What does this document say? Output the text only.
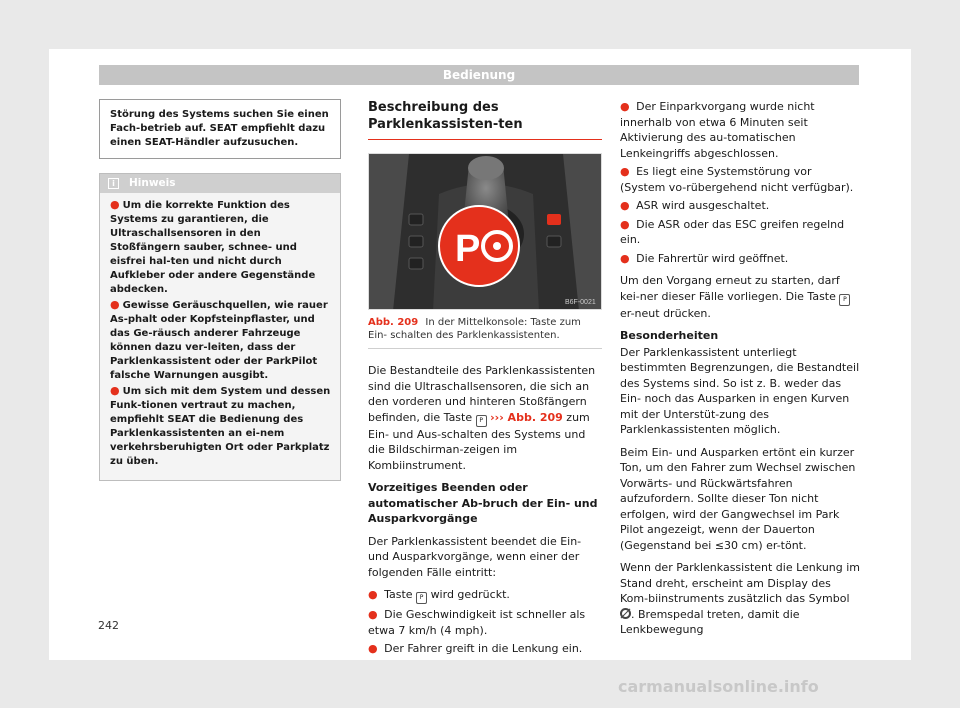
Bedienung
Störung des Systems suchen Sie einen Fach-betrieb auf. SEAT empfiehlt dazu einen SEAT-Händler aufzusuchen.
i	Hinweis

● Um die korrekte Funktion des Systems zu garantieren, die Ultraschallsensoren in den Stoßfängern sauber, schnee- und eisfrei hal-ten und nicht durch Aufkleber oder andere Gegenstände abdecken.

● Gewisse Geräuschquellen, wie rauer As-phalt oder Kopfsteinpflaster, und das Ge-räusch anderer Fahrzeuge können dazu ver-leiten, dass der Parklenkassistent oder der ParkPilot falsche Warnungen ausgibt.

● Um sich mit dem System und dessen Funk-tionen vertraut zu machen, empfiehlt SEAT die Bedienung des Parklenkassistenten an ei-nem verkehrsberuhigten Ort oder Parkplatz zu üben.

Beschreibung des Parklenkassisten-ten
P
B6F-0021
Abb. 209 In der Mittelkonsole: Taste zum Ein- schalten des Parklenkassistenten.

Die Bestandteile des Parklenkassistenten sind die Ultraschallsensoren, die sich an den vorderen und hinteren Stoßfängern befinden, die Taste P ››› Abb. 209 zum Ein- und Aus-schalten des Systems und die Bildschirman-zeigen im Kombiinstrument.

Vorzeitiges Beenden oder automatischer Ab-bruch der Ein- und Ausparkvorgänge

Der Parklenkassistent beendet die Ein- und Ausparkvorgänge, wenn einer der folgenden Fälle eintritt:

● Taste P wird gedrückt.
● Die Geschwindigkeit ist schneller als etwa 7 km/h (4 mph).
● Der Fahrer greift in die Lenkung ein.
● Der Einparkvorgang wurde nicht innerhalb von etwa 6 Minuten seit Aktivierung des au-tomatischen Lenkeingriffs abgeschlossen.
● Es liegt eine Systemstörung vor (System vo-rübergehend nicht verfügbar).
● ASR wird ausgeschaltet.
● Die ASR oder das ESC greifen regelnd ein.
● Die Fahrertür wird geöffnet.

Um den Vorgang erneut zu starten, darf kei-ner dieser Fälle vorliegen. Die Taste P er-neut drücken.

Besonderheiten

Der Parklenkassistent unterliegt bestimmten Begrenzungen, die Bestandteil des Systems sind. So ist z. B. weder das Ein- noch das Ausparken in engen Kurven mit der Unterstüt-zung des Parklenkassistenten möglich.

Beim Ein- und Ausparken ertönt ein kurzer Ton, um den Fahrer zum Wechsel zwischen Vorwärts- und Rückwärtsfahren aufzufordern. Sollte dieser Ton nicht erfolgen, wird der Gangwechsel im Park Pilot angezeigt, wenn der Dauerton (Gegenstand bei ≤30 cm) er-tönt.

Wenn der Parklenkassistent die Lenkung im Stand dreht, erscheint am Display des Kom-biinstruments zusätzlich das Symbol . Bremspedal treten, damit die Lenkbewegung

242
carmanualsonline.info
